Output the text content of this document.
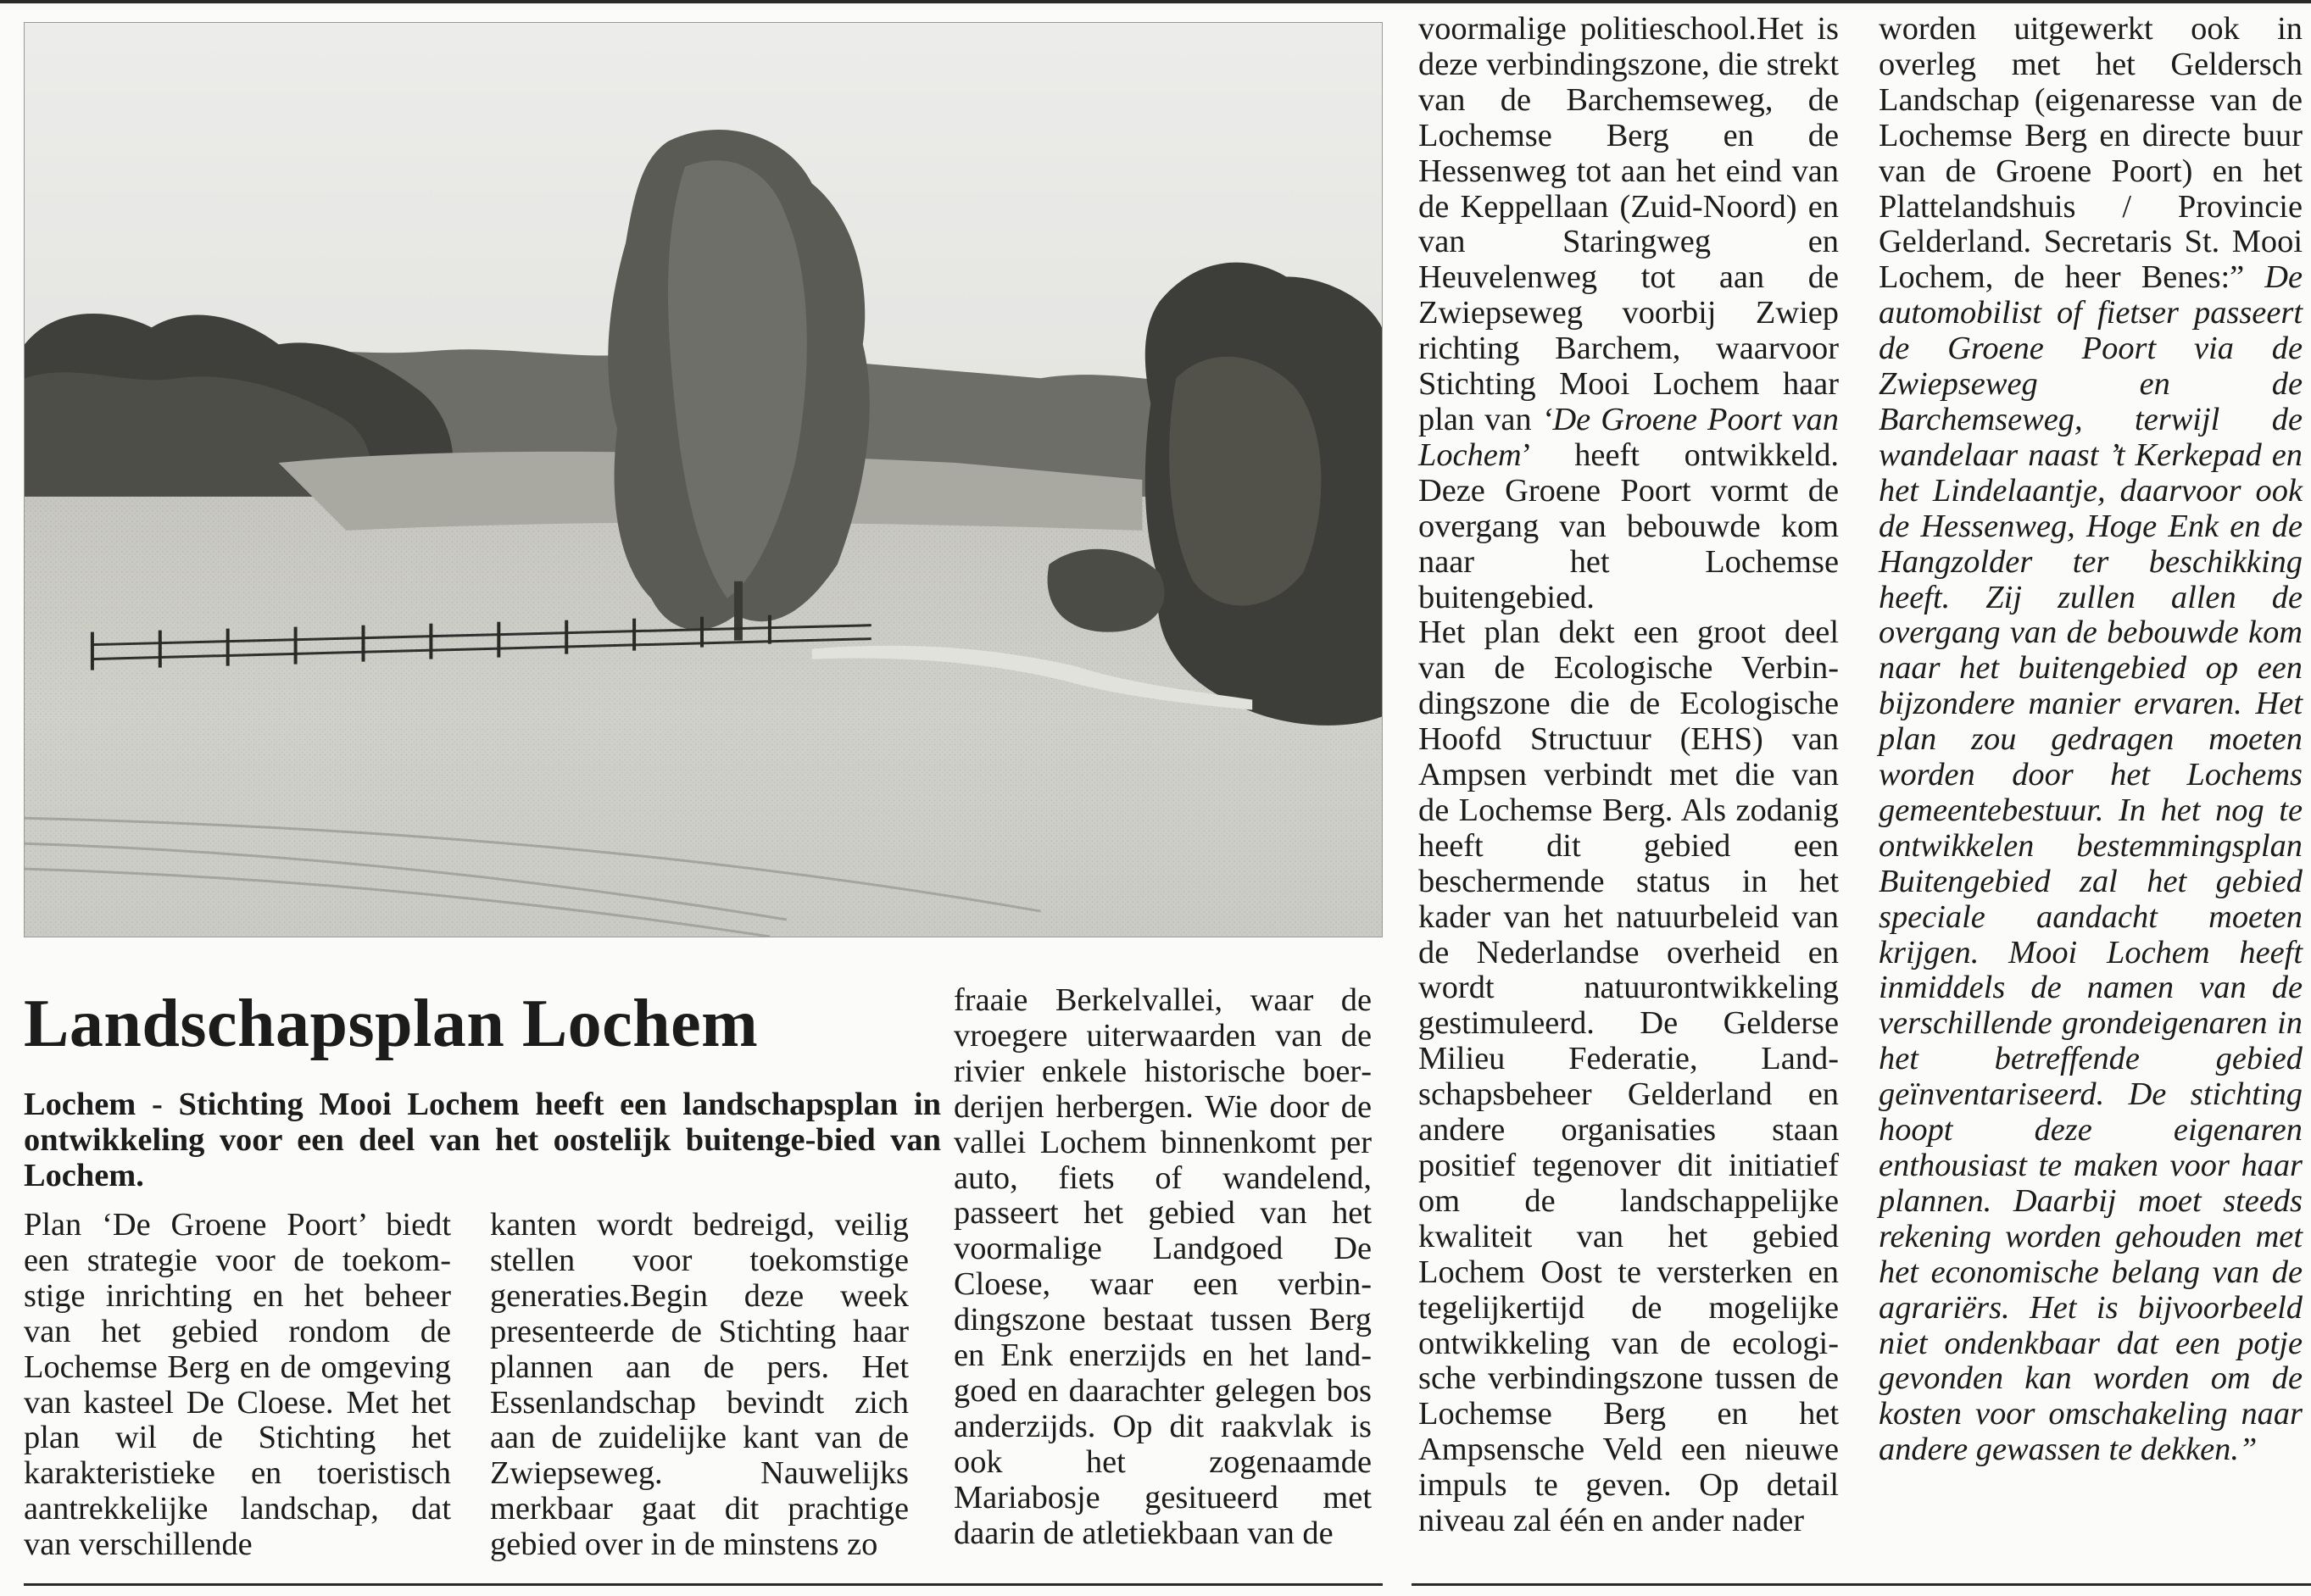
Landschapsplan Lochem

Lochem - Stichting Mooi Lochem heeft een landschapsplan in ontwikkeling voor een deel van het oostelijk buitenge-bied van Lochem.

Plan ‘De Groene Poort’ biedt een strategie voor de toekomstige inrichting en het beheer van het gebied rondom de Lochemse Berg en de omgeving van kasteel De Cloese. Met het plan wil de Stichting het karakteristieke en toeristisch aantrekkelijke landschap, dat van verschillende

kanten wordt bedreigd, veilig stellen voor toekomstige generaties.Begin deze week presenteerde de Stichting haar plannen aan de pers. Het Essenlandschap bevindt zich aan de zuidelijke kant van de Zwiepseweg. Nauwelijks merkbaar gaat dit prachtige gebied over in de minstens zo

fraaie Berkelvallei, waar de vroegere uiterwaarden van de rivier enkele historische boerderijen herbergen. Wie door de vallei Lochem binnenkomt per auto, fiets of wandelend, passeert het gebied van het voormalige Landgoed De Cloese, waar een verbindingszone bestaat tussen Berg en Enk enerzijds en het landgoed en daarachter gelegen bos anderzijds. Op dit raakvlak is ook het zogenaamde Mariabosje gesitueerd met daarin de atletiekbaan van de

voormalige politieschool.Het is deze verbindingszone, die strekt van de Barchemseweg, de Lochemse Berg en de Hessenweg tot aan het eind van de Keppellaan (Zuid-Noord) en van Staringweg en Heuvelenweg tot aan de Zwiepseweg voorbij Zwiep richting Barchem, waarvoor Stichting Mooi Lochem haar plan van ‘De Groene Poort van Lochem’ heeft ontwikkeld. Deze Groene Poort vormt de overgang van bebouwde kom naar het Lochemse buitengebied.

Het plan dekt een groot deel van de Ecologische Verbindingszone die de Ecologische Hoofd Structuur (EHS) van Ampsen verbindt met die van de Lochemse Berg. Als zodanig heeft dit gebied een beschermende status in het kader van het natuurbeleid van de Nederlandse overheid en wordt natuurontwikkeling gestimuleerd. De Gelderse Milieu Federatie, Landschapsbeheer Gelderland en andere organisaties staan positief tegenover dit initiatief om de landschappelijke kwaliteit van het gebied Lochem Oost te versterken en tegelijkertijd de mogelijke ontwikkeling van de ecologische verbindingszone tussen de Lochemse Berg en het Ampsensche Veld een nieuwe impuls te geven. Op detail niveau zal één en ander nader

worden uitgewerkt ook in overleg met het Geldersch Landschap (eigenaresse van de Lochemse Berg en directe buur van de Groene Poort) en het Plattelandshuis / Provincie Gelderland. Secretaris St. Mooi Lochem, de heer Benes:” De automobilist of fietser passeert de Groene Poort via de Zwiepseweg en de Barchemseweg, terwijl de wandelaar naast ’t Kerkepad en het Lindelaantje, daarvoor ook de Hessenweg, Hoge Enk en de Hangzolder ter beschikking heeft. Zij zullen allen de overgang van de bebouwde kom naar het buitengebied op een bijzondere manier ervaren. Het plan zou gedragen moeten worden door het Lochems gemeentebestuur. In het nog te ontwikkelen bestemmingsplan Buitengebied zal het gebied speciale aandacht moeten krijgen. Mooi Lochem heeft inmiddels de namen van de verschillende grondeigenaren in het betreffende gebied geïnventariseerd. De stichting hoopt deze eigenaren enthousiast te maken voor haar plannen. Daarbij moet steeds rekening worden gehouden met het economische belang van de agrariërs. Het is bijvoorbeeld niet ondenkbaar dat een potje gevonden kan worden om de kosten voor omschakeling naar andere gewassen te dekken.”
